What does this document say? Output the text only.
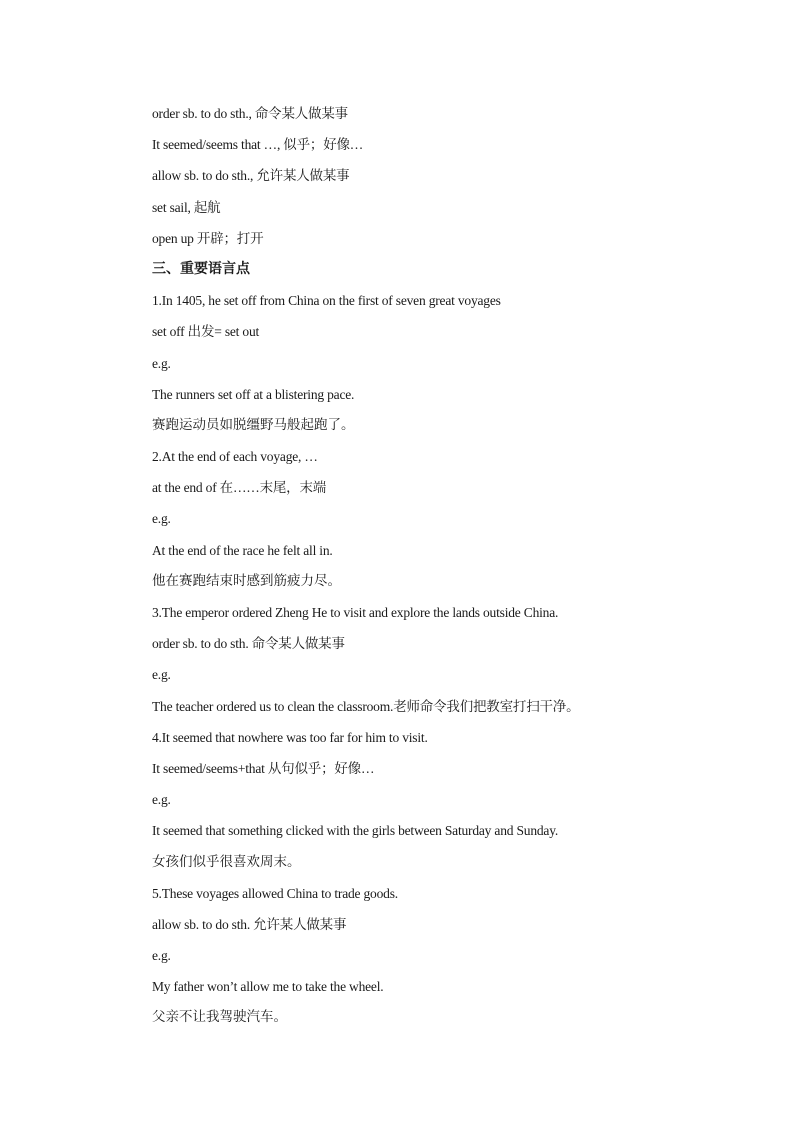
order sb. to do sth., 命令某人做某事
It seemed/seems that …, 似乎；好像…
allow sb. to do sth., 允许某人做某事
set sail, 起航
open up 开辟；打开
三、重要语言点
1.In 1405, he set off from China on the first of seven great voyages
set off 出发= set out
e.g.
The runners set off at a blistering pace.
赛跑运动员如脱缰野马般起跑了。
2.At the end of each voyage, …
at the end of 在……末尾，末端
e.g.
At the end of the race he felt all in.
他在赛跑结束时感到筋疲力尽。
3.The emperor ordered Zheng He to visit and explore the lands outside China.
order sb. to do sth. 命令某人做某事
e.g.
The teacher ordered us to clean the classroom.老师命令我们把教室打扫干净。
4.It seemed that nowhere was too far for him to visit.
It seemed/seems+that 从句似乎；好像…
e.g.
It seemed that something clicked with the girls between Saturday and Sunday.
女孩们似乎很喜欢周末。
5.These voyages allowed China to trade goods.
allow sb. to do sth. 允许某人做某事
e.g.
My father won’t allow me to take the wheel.
父亲不让我驾驶汽车。
